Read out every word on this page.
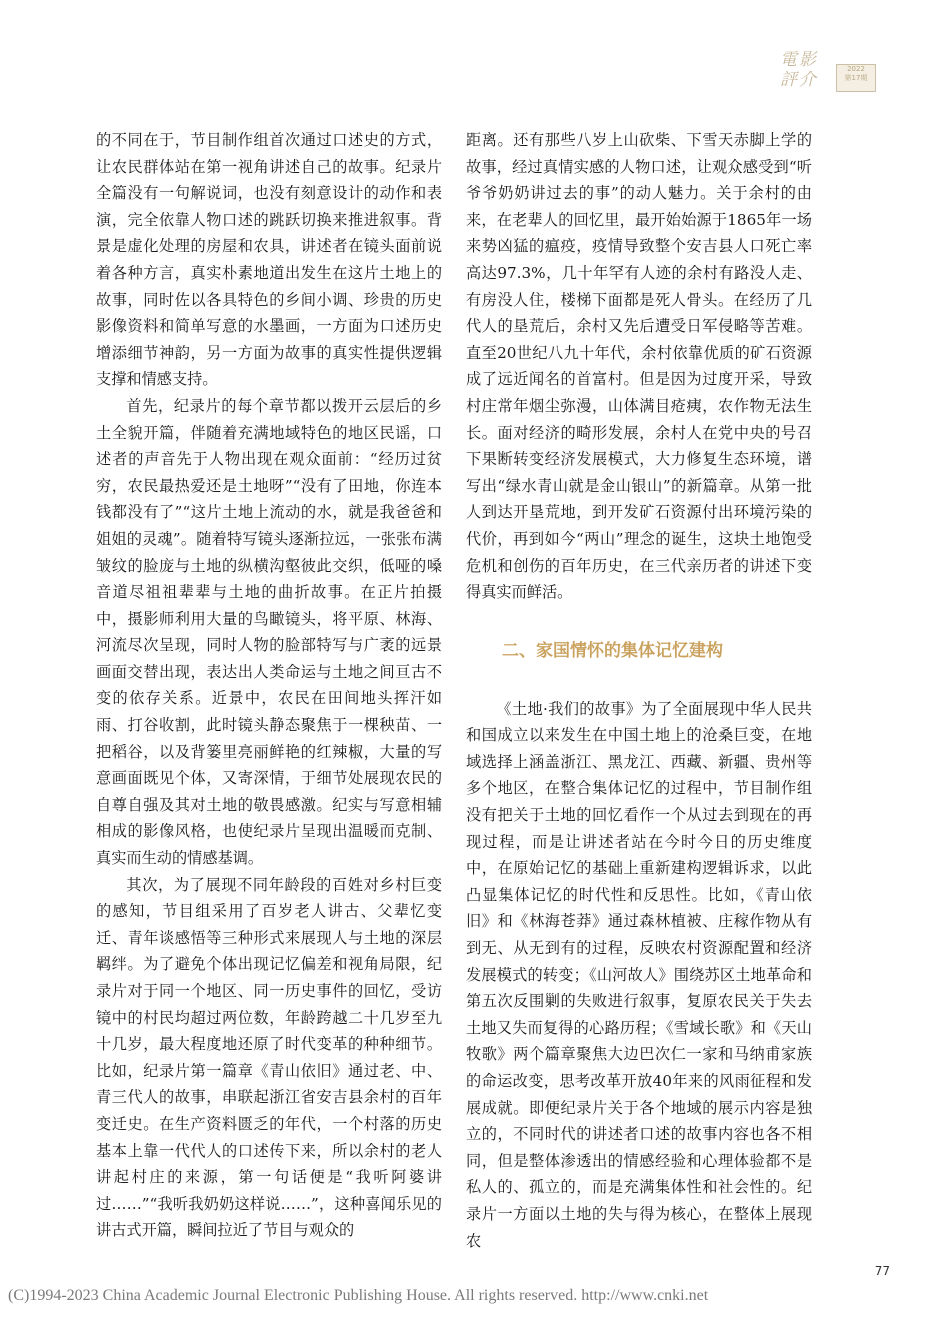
電影評介
2022
第17期

的不同在于，节目制作组首次通过口述史的方式，让农民群体站在第一视角讲述自己的故事。纪录片全篇没有一句解说词，也没有刻意设计的动作和表演，完全依靠人物口述的跳跃切换来推进叙事。背景是虚化处理的房屋和农具，讲述者在镜头面前说着各种方言，真实朴素地道出发生在这片土地上的故事，同时佐以各具特色的乡间小调、珍贵的历史影像资料和简单写意的水墨画，一方面为口述历史增添细节神韵，另一方面为故事的真实性提供逻辑支撑和情感支持。

首先，纪录片的每个章节都以拨开云层后的乡土全貌开篇，伴随着充满地域特色的地区民谣，口述者的声音先于人物出现在观众面前：“经历过贫穷，农民最热爱还是土地呀”“没有了田地，你连本钱都没有了”“这片土地上流动的水，就是我爸爸和姐姐的灵魂”。随着特写镜头逐渐拉远，一张张布满皱纹的脸庞与土地的纵横沟壑彼此交织，低哑的嗓音道尽祖祖辈辈与土地的曲折故事。在正片拍摄中，摄影师利用大量的鸟瞰镜头，将平原、林海、河流尽次呈现，同时人物的脸部特写与广袤的远景画面交替出现，表达出人类命运与土地之间亘古不变的依存关系。近景中，农民在田间地头挥汗如雨、打谷收割，此时镜头静态聚焦于一棵秧苗、一把稻谷，以及背篓里亮丽鲜艳的红辣椒，大量的写意画面既见个体，又寄深情，于细节处展现农民的自尊自强及其对土地的敬畏感激。纪实与写意相辅相成的影像风格，也使纪录片呈现出温暖而克制、真实而生动的情感基调。

其次，为了展现不同年龄段的百姓对乡村巨变的感知，节目组采用了百岁老人讲古、父辈忆变迁、青年谈感悟等三种形式来展现人与土地的深层羁绊。为了避免个体出现记忆偏差和视角局限，纪录片对于同一个地区、同一历史事件的回忆，受访镜中的村民均超过两位数，年龄跨越二十几岁至九十几岁，最大程度地还原了时代变革的种种细节。比如，纪录片第一篇章《青山依旧》通过老、中、青三代人的故事，串联起浙江省安吉县余村的百年变迁史。在生产资料匮乏的年代，一个村落的历史基本上靠一代代人的口述传下来，所以余村的老人讲起村庄的来源，第一句话便是“我听阿婆讲过……”“我听我奶奶这样说……”，这种喜闻乐见的讲古式开篇，瞬间拉近了节目与观众的

距离。还有那些八岁上山砍柴、下雪天赤脚上学的故事，经过真情实感的人物口述，让观众感受到“听爷爷奶奶讲过去的事”的动人魅力。关于余村的由来，在老辈人的回忆里，最开始始源于1865年一场来势凶猛的瘟疫，疫情导致整个安吉县人口死亡率高达97.3%，几十年罕有人迹的余村有路没人走、有房没人住，楼梯下面都是死人骨头。在经历了几代人的垦荒后，余村又先后遭受日军侵略等苦难。直至20世纪八九十年代，余村依靠优质的矿石资源成了远近闻名的首富村。但是因为过度开采，导致村庄常年烟尘弥漫，山体满目疮痍，农作物无法生长。面对经济的畸形发展，余村人在党中央的号召下果断转变经济发展模式，大力修复生态环境，谱写出“绿水青山就是金山银山”的新篇章。从第一批人到达开垦荒地，到开发矿石资源付出环境污染的代价，再到如今“两山”理念的诞生，这块土地饱受危机和创伤的百年历史，在三代亲历者的讲述下变得真实而鲜活。

二、家国情怀的集体记忆建构

《土地·我们的故事》为了全面展现中华人民共和国成立以来发生在中国土地上的沧桑巨变，在地域选择上涵盖浙江、黑龙江、西藏、新疆、贵州等多个地区，在整合集体记忆的过程中，节目制作组没有把关于土地的回忆看作一个从过去到现在的再现过程，而是让讲述者站在今时今日的历史维度中，在原始记忆的基础上重新建构逻辑诉求，以此凸显集体记忆的时代性和反思性。比如，《青山依旧》和《林海苍莽》通过森林植被、庄稼作物从有到无、从无到有的过程，反映农村资源配置和经济发展模式的转变；《山河故人》围绕苏区土地革命和第五次反围剿的失败进行叙事，复原农民关于失去土地又失而复得的心路历程；《雪域长歌》和《天山牧歌》两个篇章聚焦大边巴次仁一家和马纳甫家族的命运改变，思考改革开放40年来的风雨征程和发展成就。即便纪录片关于各个地域的展示内容是独立的，不同时代的讲述者口述的故事内容也各不相同，但是整体渗透出的情感经验和心理体验都不是私人的、孤立的，而是充满集体性和社会性的。纪录片一方面以土地的失与得为核心，在整体上展现农

77
(C)1994-2023 China Academic Journal Electronic Publishing House. All rights reserved. http://www.cnki.net
